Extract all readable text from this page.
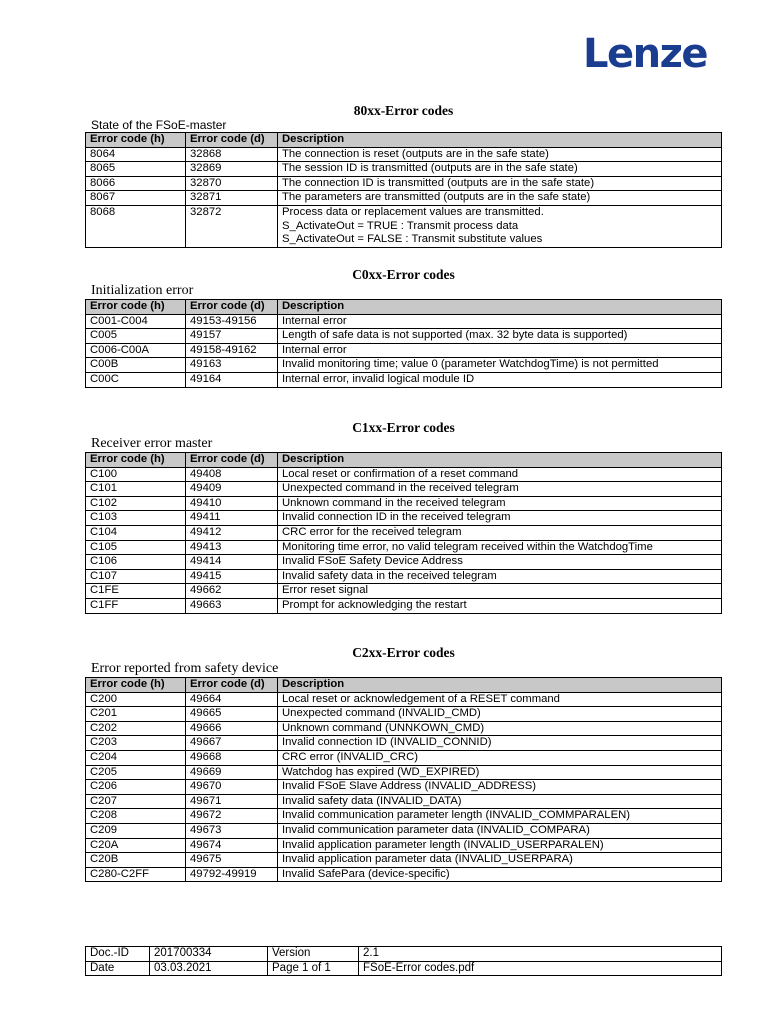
Lenze
80xx-Error codes
State of the FSoE-master
Error code (h)	Error code (d)	Description
8064	32868	The connection is reset (outputs are in the safe state)
8065	32869	The session ID is transmitted (outputs are in the safe state)
8066	32870	The connection ID is transmitted (outputs are in the safe state)
8067	32871	The parameters are transmitted (outputs are in the safe state)
8068	32872	Process data or replacement values are transmitted.
S_ActivateOut = TRUE : Transmit process data
S_ActivateOut = FALSE : Transmit substitute values
C0xx-Error codes
Initialization error
Error code (h)	Error code (d)	Description
C001-C004	49153-49156	Internal error
C005	49157	Length of safe data is not supported (max. 32 byte data is supported)
C006-C00A	49158-49162	Internal error
C00B	49163	Invalid monitoring time; value 0 (parameter WatchdogTime) is not permitted
C00C	49164	Internal error, invalid logical module ID
C1xx-Error codes
Receiver error master
Error code (h)	Error code (d)	Description
C100	49408	Local reset or confirmation of a reset command
C101	49409	Unexpected command in the received telegram
C102	49410	Unknown command in the received telegram
C103	49411	Invalid connection ID in the received telegram
C104	49412	CRC error for the received telegram
C105	49413	Monitoring time error, no valid telegram received within the WatchdogTime
C106	49414	Invalid FSoE Safety Device Address
C107	49415	Invalid safety data in the received telegram
C1FE	49662	Error reset signal
C1FF	49663	Prompt for acknowledging the restart
C2xx-Error codes
Error reported from safety device
Error code (h)	Error code (d)	Description
C200	49664	Local reset or acknowledgement of a RESET command
C201	49665	Unexpected command (INVALID_CMD)
C202	49666	Unknown command (UNNKOWN_CMD)
C203	49667	Invalid connection ID (INVALID_CONNID)
C204	49668	CRC error (INVALID_CRC)
C205	49669	Watchdog has expired (WD_EXPIRED)
C206	49670	Invalid FSoE Slave Address (INVALID_ADDRESS)
C207	49671	Invalid safety data (INVALID_DATA)
C208	49672	Invalid communication parameter length (INVALID_COMMPARALEN)
C209	49673	Invalid communication parameter data (INVALID_COMPARA)
C20A	49674	Invalid application parameter length (INVALID_USERPARALEN)
C20B	49675	Invalid application parameter data (INVALID_USERPARA)
C280-C2FF	49792-49919	Invalid SafePara (device-specific)
Doc.-ID	201700334	Version	2.1
Date	03.03.2021	Page 1 of 1	FSoE-Error codes.pdf
